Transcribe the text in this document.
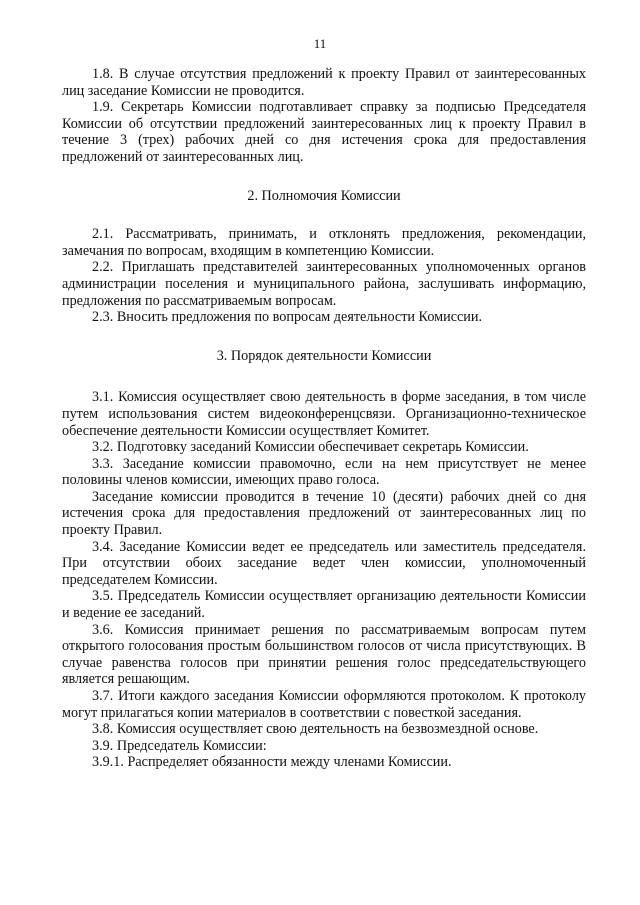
11

1.8. В случае отсутствия предложений к проекту Правил от заинтересованных лиц заседание Комиссии не проводится.

1.9. Секретарь Комиссии подготавливает справку за подписью Председателя Комиссии об отсутствии предложений заинтересованных лиц к проекту Правил в течение 3 (трех) рабочих дней со дня истечения срока для предоставления предложений от заинтересованных лиц.

2. Полномочия Комиссии

2.1. Рассматривать, принимать, и отклонять предложения, рекомендации, замечания по вопросам, входящим в компетенцию Комиссии.

2.2. Приглашать представителей заинтересованных уполномоченных органов администрации поселения и муниципального района, заслушивать информацию, предложения по рассматриваемым вопросам.

2.3. Вносить предложения по вопросам деятельности Комиссии.

3. Порядок деятельности Комиссии

3.1. Комиссия осуществляет свою деятельность в форме заседания, в том числе путем использования систем видеоконференцсвязи. Организационно-техническое обеспечение деятельности Комиссии осуществляет Комитет.

3.2. Подготовку заседаний Комиссии обеспечивает секретарь Комиссии.

3.3. Заседание комиссии правомочно, если на нем присутствует не менее половины членов комиссии, имеющих право голоса.

Заседание комиссии проводится в течение 10 (десяти) рабочих дней со дня истечения срока для предоставления предложений от заинтересованных лиц по проекту Правил.

3.4. Заседание Комиссии ведет ее председатель или заместитель председателя. При отсутствии обоих заседание ведет член комиссии, уполномоченный председателем Комиссии.

3.5. Председатель Комиссии осуществляет организацию деятельности Комиссии и ведение ее заседаний.

3.6. Комиссия принимает решения по рассматриваемым вопросам путем открытого голосования простым большинством голосов от числа присутствующих. В случае равенства голосов при принятии решения голос председательствующего является решающим.

3.7. Итоги каждого заседания Комиссии оформляются протоколом. К протоколу могут прилагаться копии материалов в соответствии с повесткой заседания.

3.8. Комиссия осуществляет свою деятельность на безвозмездной основе.

3.9. Председатель Комиссии:

3.9.1. Распределяет обязанности между членами Комиссии.
